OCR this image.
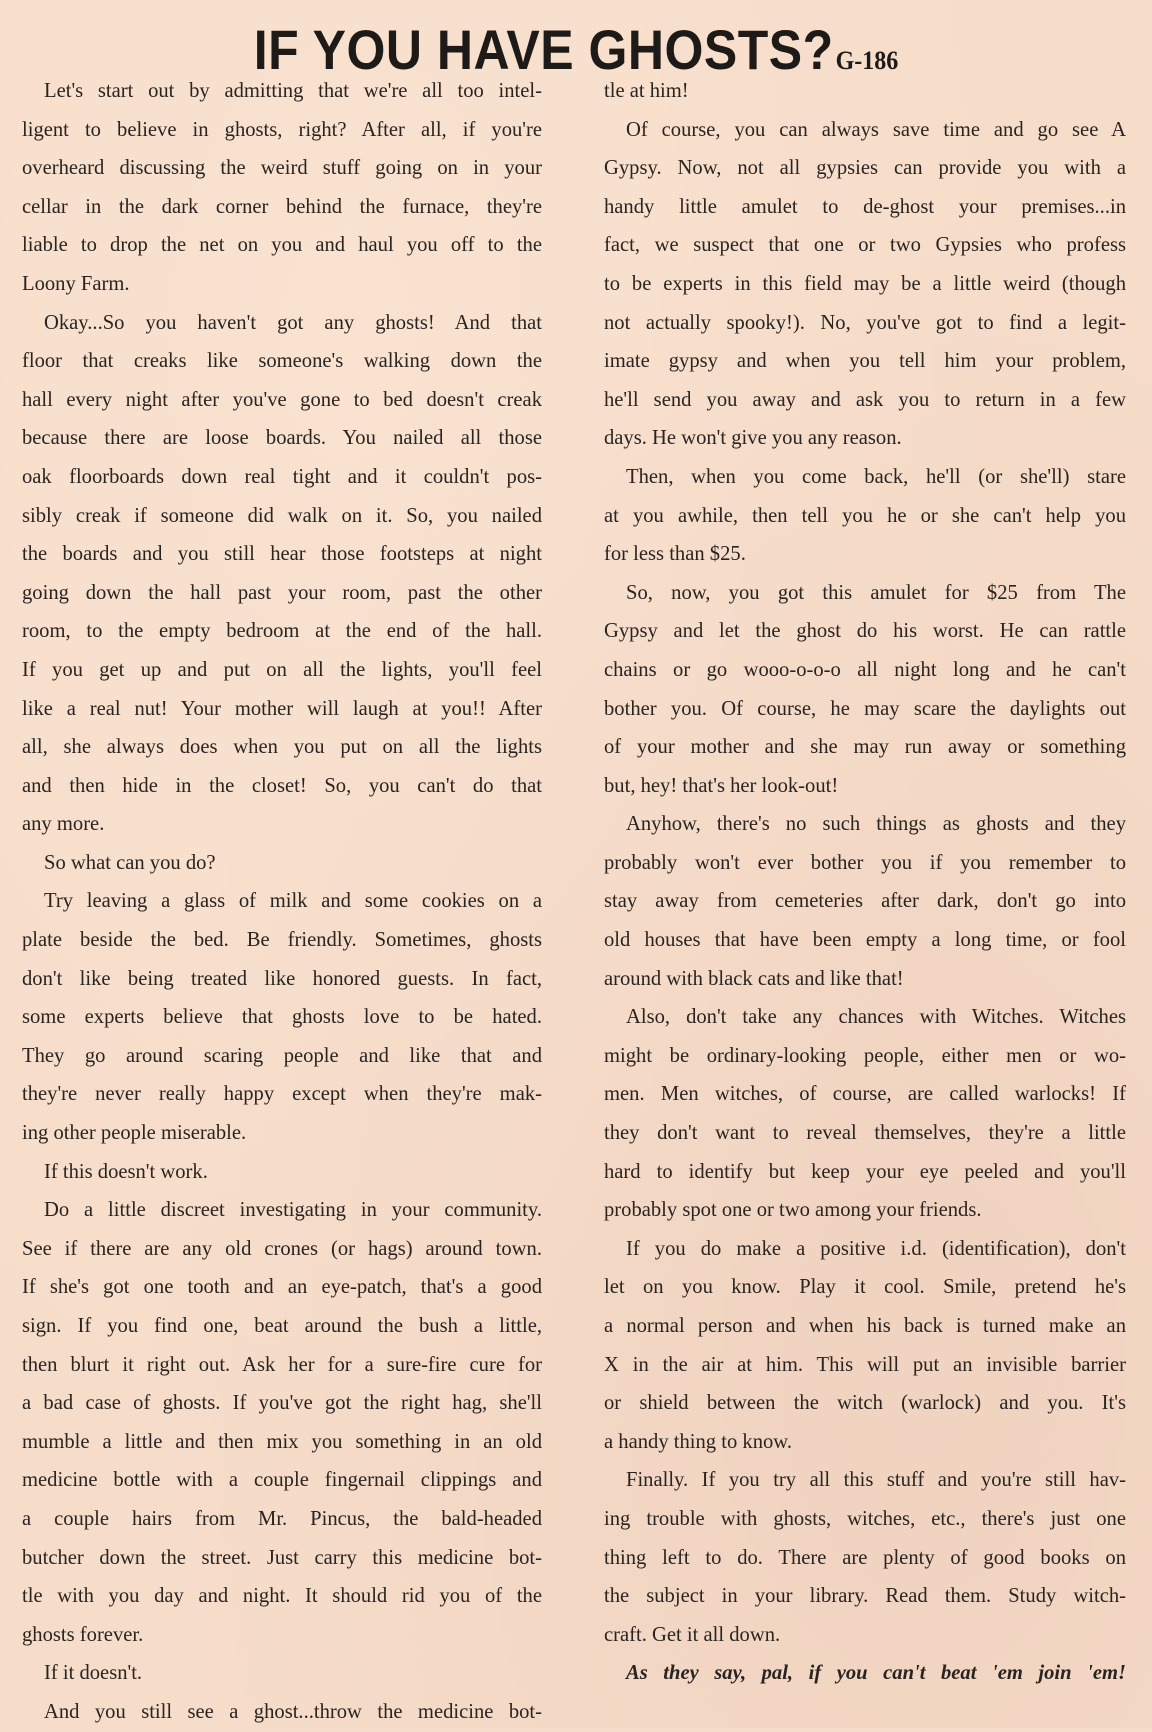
IF YOU HAVE GHOSTS?G-186
Let's start out by admitting that we're all too intel-
ligent to believe in ghosts, right? After all, if you're
overheard discussing the weird stuff going on in your
cellar in the dark corner behind the furnace, they're
liable to drop the net on you and haul you off to the
Loony Farm.
Okay...So you haven't got any ghosts! And that
floor that creaks like someone's walking down the
hall every night after you've gone to bed doesn't creak
because there are loose boards. You nailed all those
oak floorboards down real tight and it couldn't pos-
sibly creak if someone did walk on it. So, you nailed
the boards and you still hear those footsteps at night
going down the hall past your room, past the other
room, to the empty bedroom at the end of the hall.
If you get up and put on all the lights, you'll feel
like a real nut! Your mother will laugh at you!! After
all, she always does when you put on all the lights
and then hide in the closet! So, you can't do that
any more.
So what can you do?
Try leaving a glass of milk and some cookies on a
plate beside the bed. Be friendly. Sometimes, ghosts
don't like being treated like honored guests. In fact,
some experts believe that ghosts love to be hated.
They go around scaring people and like that and
they're never really happy except when they're mak-
ing other people miserable.
If this doesn't work.
Do a little discreet investigating in your community.
See if there are any old crones (or hags) around town.
If she's got one tooth and an eye-patch, that's a good
sign. If you find one, beat around the bush a little,
then blurt it right out. Ask her for a sure-fire cure for
a bad case of ghosts. If you've got the right hag, she'll
mumble a little and then mix you something in an old
medicine bottle with a couple fingernail clippings and
a couple hairs from Mr. Pincus, the bald-headed
butcher down the street. Just carry this medicine bot-
tle with you day and night. It should rid you of the
ghosts forever.
If it doesn't.
And you still see a ghost...throw the medicine bot-
tle at him!
Of course, you can always save time and go see A
Gypsy. Now, not all gypsies can provide you with a
handy little amulet to de-ghost your premises...in
fact, we suspect that one or two Gypsies who profess
to be experts in this field may be a little weird (though
not actually spooky!). No, you've got to find a legit-
imate gypsy and when you tell him your problem,
he'll send you away and ask you to return in a few
days. He won't give you any reason.
Then, when you come back, he'll (or she'll) stare
at you awhile, then tell you he or she can't help you
for less than $25.
So, now, you got this amulet for $25 from The
Gypsy and let the ghost do his worst. He can rattle
chains or go wooo-o-o-o all night long and he can't
bother you. Of course, he may scare the daylights out
of your mother and she may run away or something
but, hey! that's her look-out!
Anyhow, there's no such things as ghosts and they
probably won't ever bother you if you remember to
stay away from cemeteries after dark, don't go into
old houses that have been empty a long time, or fool
around with black cats and like that!
Also, don't take any chances with Witches. Witches
might be ordinary-looking people, either men or wo-
men. Men witches, of course, are called warlocks! If
they don't want to reveal themselves, they're a little
hard to identify but keep your eye peeled and you'll
probably spot one or two among your friends.
If you do make a positive i.d. (identification), don't
let on you know. Play it cool. Smile, pretend he's
a normal person and when his back is turned make an
X in the air at him. This will put an invisible barrier
or shield between the witch (warlock) and you. It's
a handy thing to know.
Finally. If you try all this stuff and you're still hav-
ing trouble with ghosts, witches, etc., there's just one
thing left to do. There are plenty of good books on
the subject in your library. Read them. Study witch-
craft. Get it all down.
As they say, pal, if you can't beat 'em join 'em!
